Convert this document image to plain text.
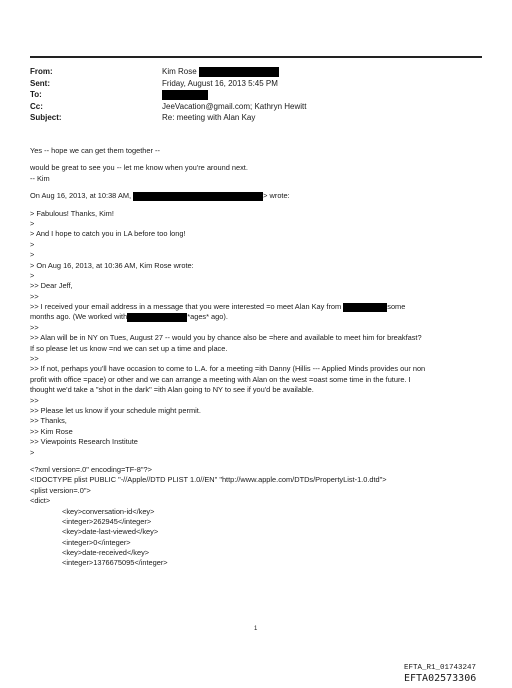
From:	Kim Rose
Sent:	Friday, August 16, 2013 5:45 PM
To:
Cc:	JeeVacation@gmail.com; Kathryn Hewitt
Subject:	Re: meeting with Alan Kay
Yes -- hope we can get them together --
would be great to see you -- let me know when you're around next.
-- Kim
On Aug 16, 2013, at 10:38 AM,	> wrote:
> Fabulous! Thanks, Kim!
>
> And I hope to catch you in LA before too long!
>
>
> On Aug 16, 2013, at 10:36 AM, Kim Rose wrote:
>
>> Dear Jeff,
>>
>> I received your email address in a message that you were interested =o meet Alan Kay from	some
months ago. (We worked with	*ages* ago).
>>
>> Alan will be in NY on Tues, August 27 -- would you by chance also be =here and available to meet him for breakfast?
If so please let us know =nd we can set up a time and place.
>>
>> If not, perhaps you'll have occasion to come to L.A. for a meeting =ith Danny (Hillis --- Applied Minds provides our non
profit with office =pace) or other and we can arrange a meeting with Alan on the west =oast some time in the future. I
thought we'd take a "shot in the dark" =ith Alan going to NY to see if you'd be available.
>>
>> Please let us know if your schedule might permit.
>> Thanks,
>> Kim Rose
>> Viewpoints Research Institute
>
<?xml version=.0" encoding=TF-8"?>
<!DOCTYPE plist PUBLIC "-//Apple//DTD PLIST 1.0//EN" "http://www.apple.com/DTDs/PropertyList-1.0.dtd">
<plist version=.0">
<dict>
<key>conversation-id</key>
<integer>262945</integer>
<key>date-last-viewed</key>
<integer>0</integer>
<key>date-received</key>
<integer>1376675095</integer>
1
EFTA_R1_01743247
EFTA02573306
